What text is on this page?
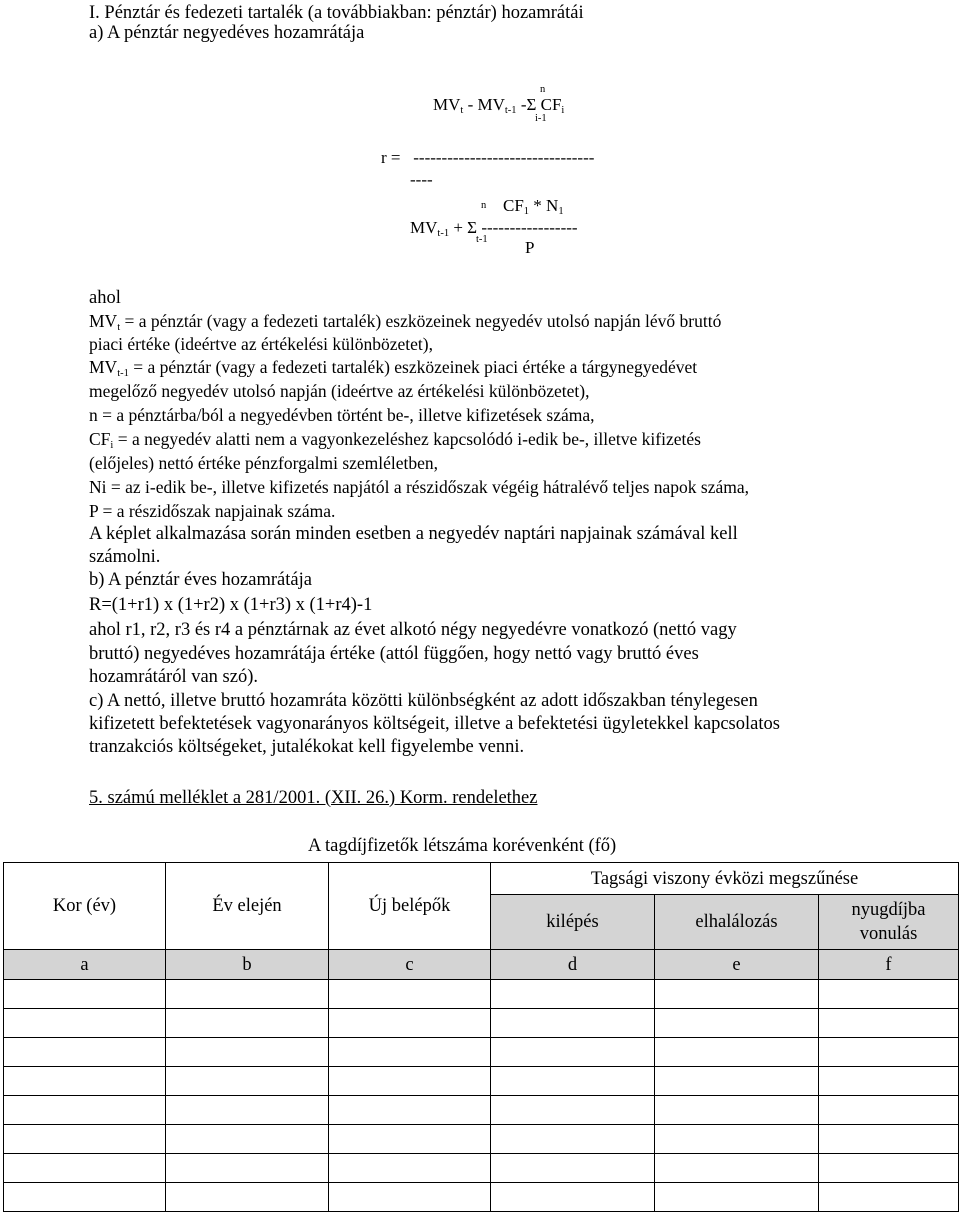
I. Pénztár és fedezeti tartalék (a továbbiakban: pénztár) hozamrátái
a) A pénztár negyedéves hozamrátája
n
$MV_t - MV_{t-1}$ -Σ $CF_i$
i-1
r = --------------------------------
----
n $CF_1 * N_1$
$MV_{t-1} + \Sigma$ -----------------
t-1 P
ahol
$MV_t = a$ pénztár (vagy a fedezeti tartalék) eszközeinek negyedév utolsó napján lévő bruttó
piaci értéke (ideértve az értékelési különbözetet),
$MV_{t-1} = a$ pénztár (vagy a fedezeti tartalék) eszközeinek piaci értéke a tárgynegyedévet
megelőző negyedév utolsó napján (ideértve az értékelési különbözetet),
n = a pénztárba/ból a negyedévben történt be-, illetve kifizetések száma,
$CF_i = a$ negyedév alatti nem a vagyonkezeléshez kapcsolódó i-edik be-, illetve kifizetés
(előjeles) nettó értéke pénzforgalmi szemléletben,
Ni = az i-edik be-, illetve kifizetés napjától a részidőszak végéig hátralévő teljes napok száma,
P = a részidőszak napjainak száma.
A képlet alkalmazása során minden esetben a negyedév naptári napjainak számával kell
számolni.
b) A pénztár éves hozamrátája
R=(1+r1) x (1+r2) x (1+r3) x (1+r4)-1
ahol r1, r2, r3 és r4 a pénztárnak az évet alkotó négy negyedévre vonatkozó (nettó vagy
bruttó) negyedéves hozamrátája értéke (attól függően, hogy nettó vagy bruttó éves
hozamrátáról van szó).
c) A nettó, illetve bruttó hozamráta közötti különbségként az adott időszakban ténylegesen
kifizetett befektetések vagyonarányos költségeit, illetve a befektetési ügyletekkel kapcsolatos
tranzakciós költségeket, jutalékokat kell figyelembe venni.
5. számú melléklet a 281/2001. (XII. 26.) Korm. rendelethez
A tagdíjfizetők létszáma korévenként (fő)
Kor (év)	Év elején	Új belépők	Tagsági viszony évközi megszűnése		
			kilépés	elhalálozás	nyugdíjba
vonulás
a	b	c	d	e	f
